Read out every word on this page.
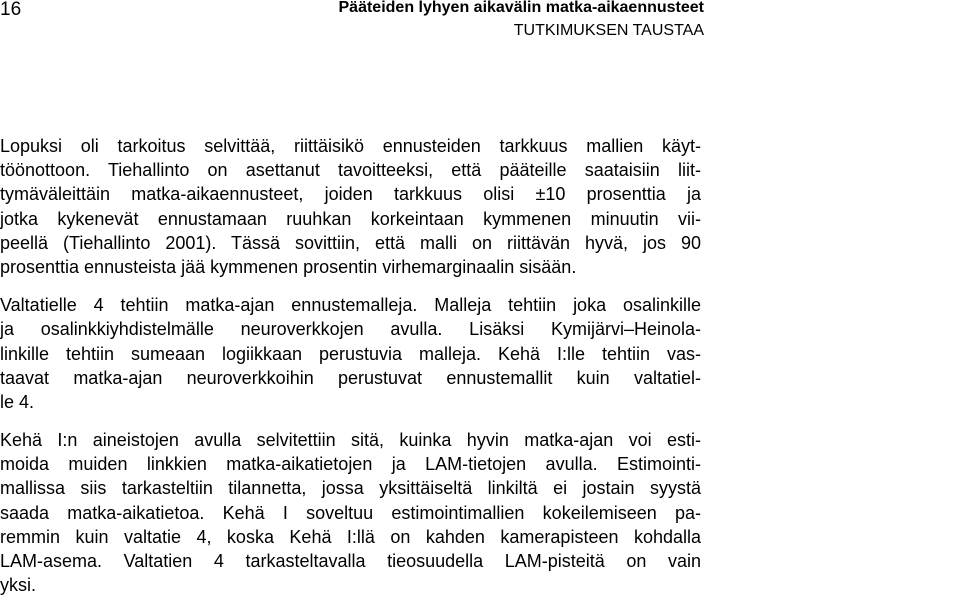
16	Pääteiden lyhyen aikavälin matka-aikaennusteet
TUTKIMUKSEN TAUSTAA
Lopuksi oli tarkoitus selvittää, riittäisikö ennusteiden tarkkuus mallien käyt-
töönottoon. Tiehallinto on asettanut tavoitteeksi, että pääteille saataisiin liit-
tymäväleittäin matka-aikaennusteet, joiden tarkkuus olisi ±10 prosenttia ja
jotka kykenevät ennustamaan ruuhkan korkeintaan kymmenen minuutin vii-
peellä (Tiehallinto 2001). Tässä sovittiin, että malli on riittävän hyvä, jos 90
prosenttia ennusteista jää kymmenen prosentin virhemarginaalin sisään.
Valtatielle 4 tehtiin matka-ajan ennustemalleja. Malleja tehtiin joka osalinkille
ja osalinkkiyhdistelmälle neuroverkkojen avulla. Lisäksi Kymijärvi–Heinola-
linkille tehtiin sumeaan logiikkaan perustuvia malleja. Kehä I:lle tehtiin vas-
taavat matka-ajan neuroverkkoihin perustuvat ennustemallit kuin valtatiel-
le 4.
Kehä I:n aineistojen avulla selvitettiin sitä, kuinka hyvin matka-ajan voi esti-
moida muiden linkkien matka-aikatietojen ja LAM-tietojen avulla. Estimointi-
mallissa siis tarkasteltiin tilannetta, jossa yksittäiseltä linkiltä ei jostain syystä
saada matka-aikatietoa. Kehä I soveltuu estimointimallien kokeilemiseen pa-
remmin kuin valtatie 4, koska Kehä I:llä on kahden kamerapisteen kohdalla
LAM-asema. Valtatien 4 tarkasteltavalla tieosuudella LAM-pisteitä on vain
yksi.
